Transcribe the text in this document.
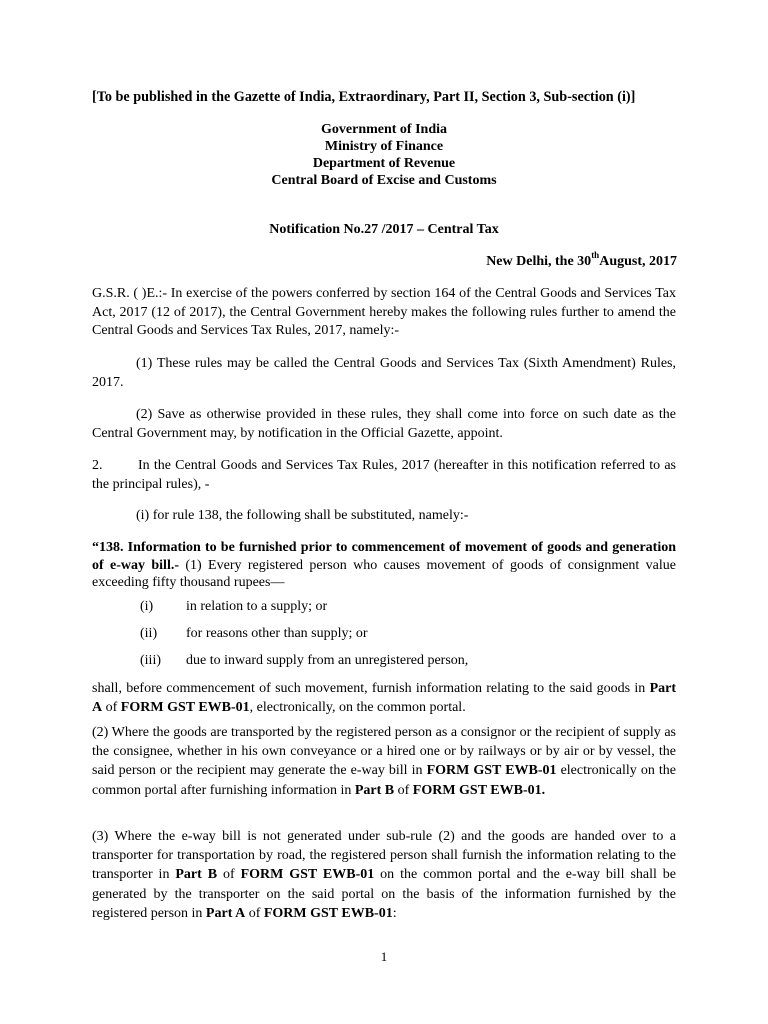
[To be published in the Gazette of India, Extraordinary, Part II, Section 3, Sub-section (i)]
Government of India
Ministry of Finance
Department of Revenue
Central Board of Excise and Customs
Notification No.27 /2017 – Central Tax
New Delhi, the 30thAugust, 2017
G.S.R. ( )E.:- In exercise of the powers conferred by section 164 of the Central Goods and Services Tax Act, 2017 (12 of 2017), the Central Government hereby makes the following rules further to amend the Central Goods and Services Tax Rules, 2017, namely:-
(1) These rules may be called the Central Goods and Services Tax (Sixth Amendment) Rules, 2017.
(2) Save as otherwise provided in these rules, they shall come into force on such date as the Central Government may, by notification in the Official Gazette, appoint.
2.	In the Central Goods and Services Tax Rules, 2017 (hereafter in this notification referred to as the principal rules), -
(i) for rule 138, the following shall be substituted, namely:-
“138. Information to be furnished prior to commencement of movement of goods and generation of e-way bill.- (1) Every registered person who causes movement of goods of consignment value exceeding fifty thousand rupees—
(i) in relation to a supply; or
(ii) for reasons other than supply; or
(iii) due to inward supply from an unregistered person,
shall, before commencement of such movement, furnish information relating to the said goods in Part A of FORM GST EWB-01, electronically, on the common portal.
(2) Where the goods are transported by the registered person as a consignor or the recipient of supply as the consignee, whether in his own conveyance or a hired one or by railways or by air or by vessel, the said person or the recipient may generate the e-way bill in FORM GST EWB-01 electronically on the common portal after furnishing information in Part B of FORM GST EWB-01.
(3) Where the e-way bill is not generated under sub-rule (2) and the goods are handed over to a transporter for transportation by road, the registered person shall furnish the information relating to the transporter in Part B of FORM GST EWB-01 on the common portal and the e-way bill shall be generated by the transporter on the said portal on the basis of the information furnished by the registered person in Part A of FORM GST EWB-01:
1
